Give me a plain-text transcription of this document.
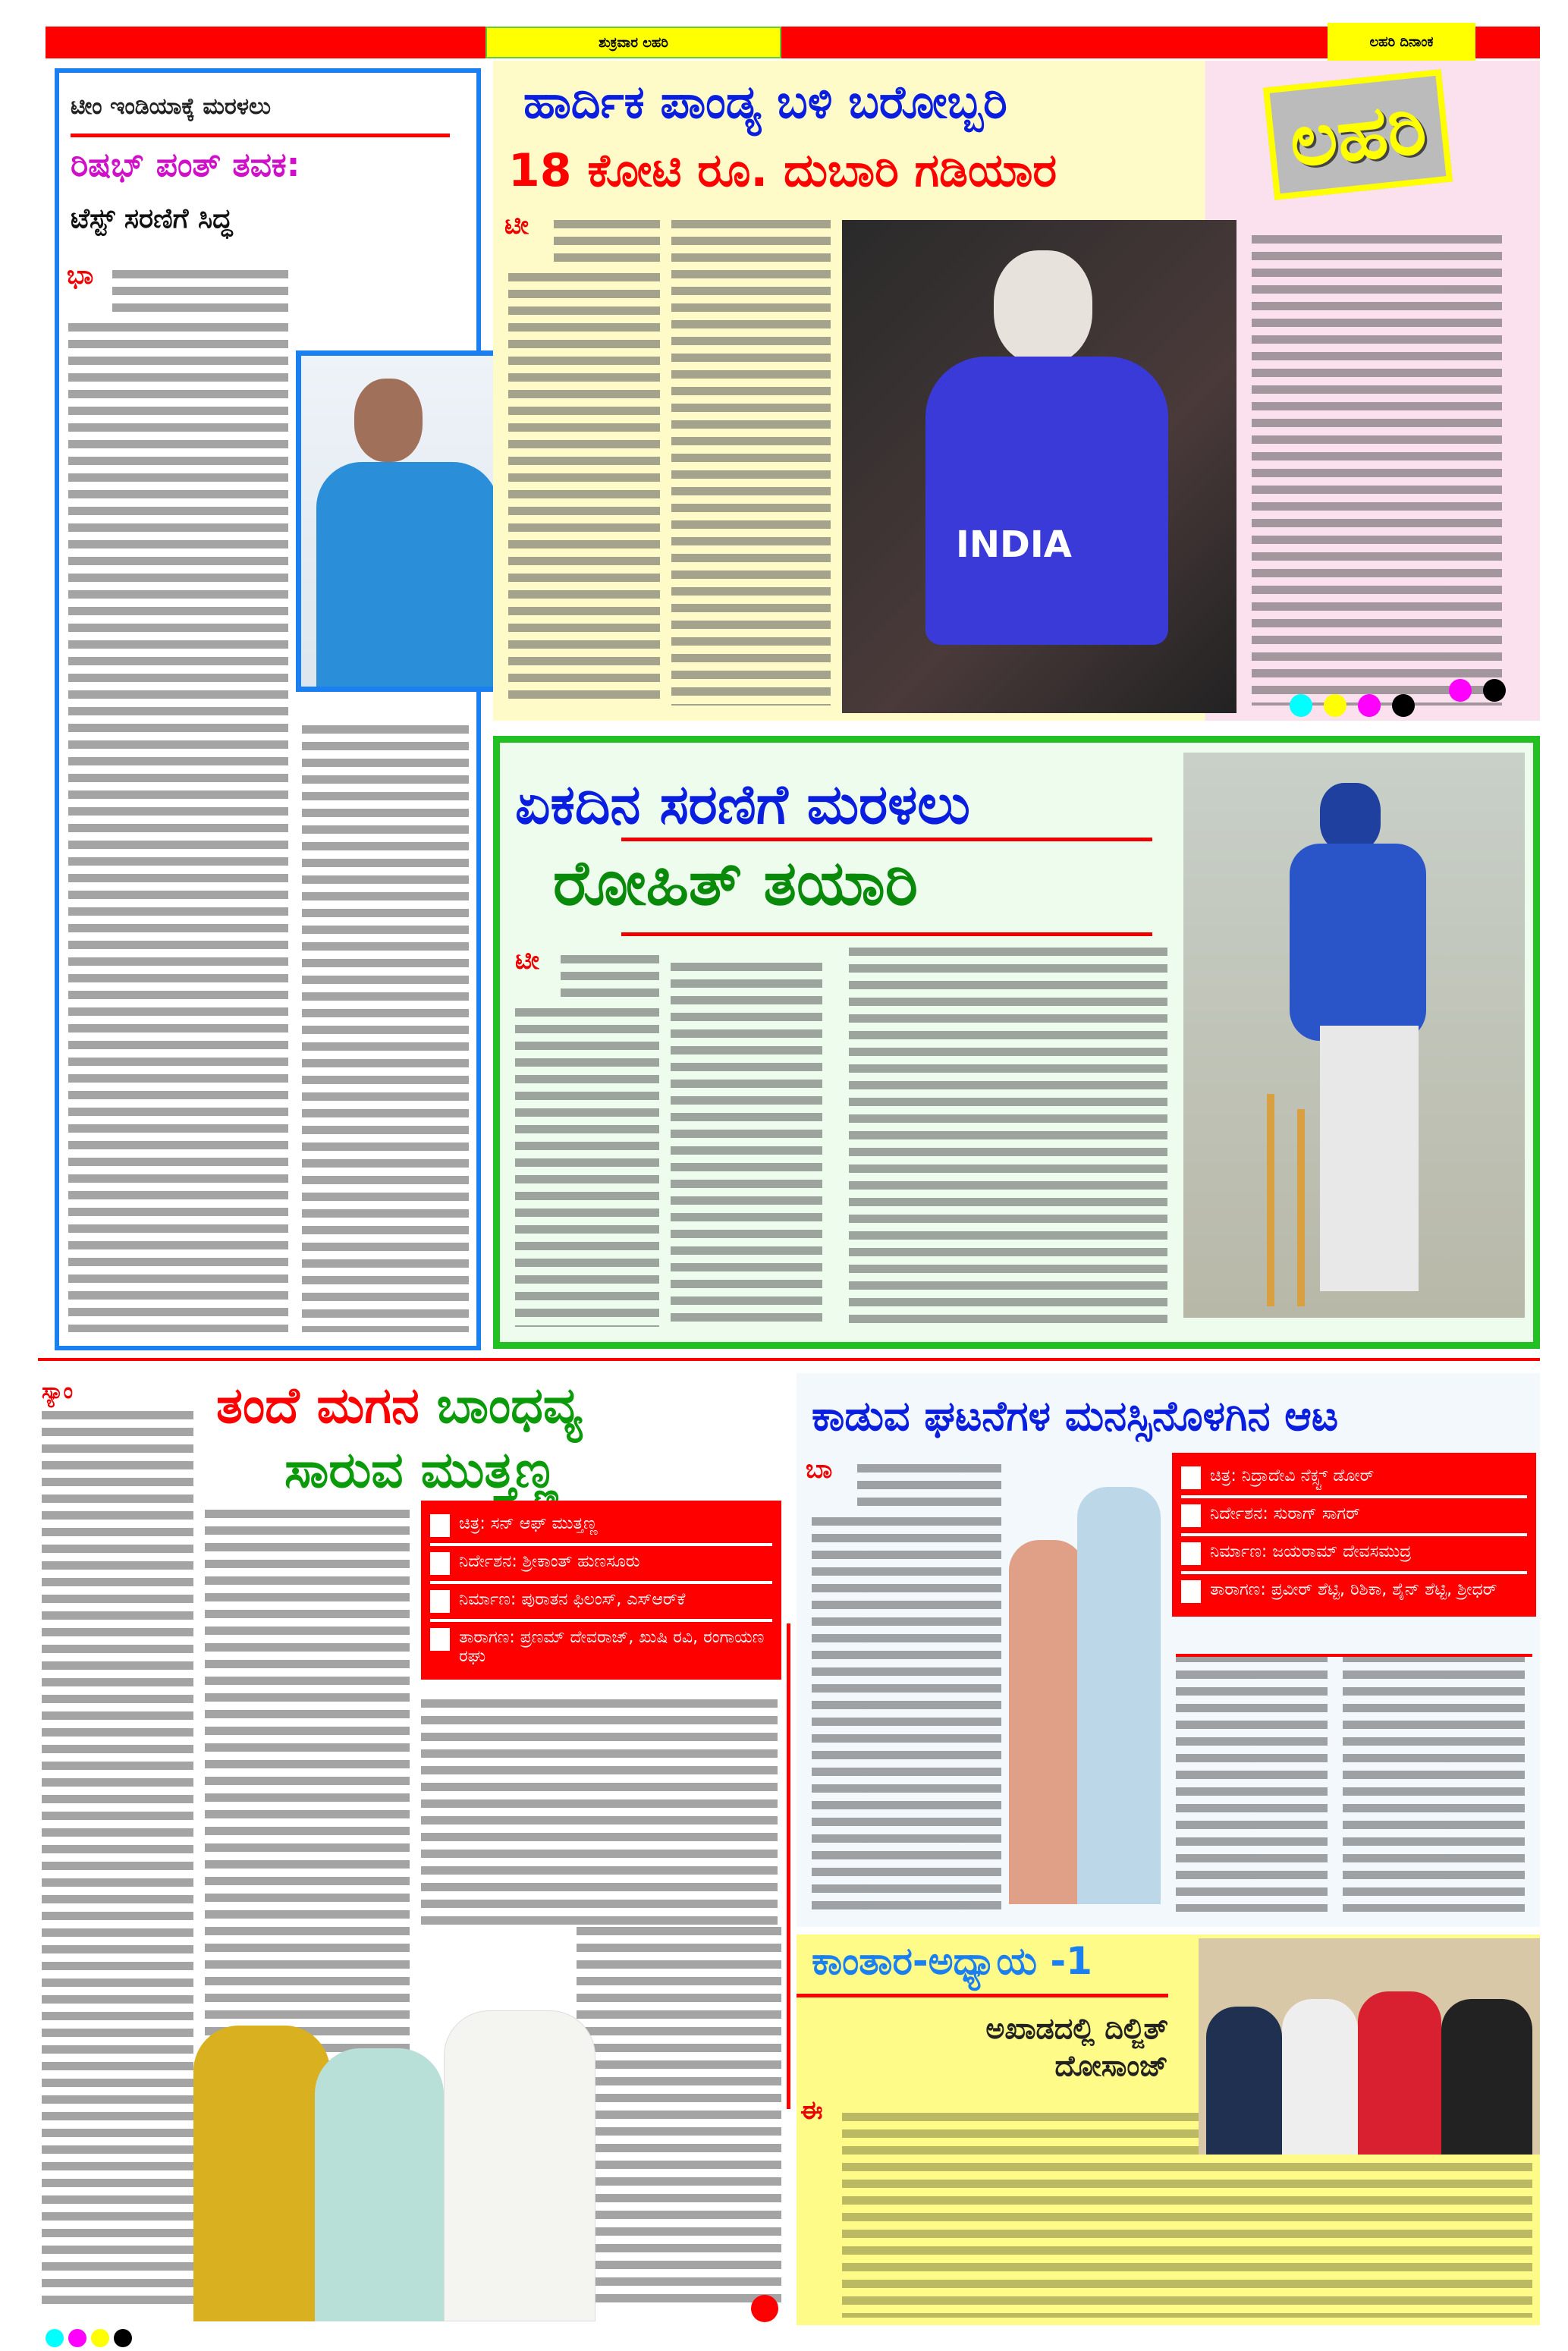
ಶುಕ್ರವಾರ ಲಹರಿ	ಲಹರಿ ದಿನಾಂಕ
ಟೀಂ ಇಂಡಿಯಾಕ್ಕೆ ಮರಳಲು
ರಿಷಭ್ ಪಂತ್ ತವಕ:
ಟೆಸ್ಟ್ ಸರಣಿಗೆ ಸಿದ್ಧ
ಭಾ
ಹಾರ್ದಿಕ ಪಾಂಡ್ಯ ಬಳಿ ಬರೋಬ್ಬರಿ
18 ಕೋಟಿ ರೂ. ದುಬಾರಿ ಗಡಿಯಾರ
ಟೀ
INDIA
ಲಹರಿ
ಏಕದಿನ ಸರಣಿಗೆ ಮರಳಲು
ರೋಹಿತ್ ತಯಾರಿ
ಟೀ
ತಂದೆ ಮಗನ ಬಾಂಧವ್ಯ
ಸಾರುವ ಮುತ್ತಣ್ಣ
ಸ್ಯಾಂ
ಚಿತ್ರ: ಸನ್ ಆಫ್ ಮುತ್ತಣ್ಣ
ನಿರ್ದೇಶನ: ಶ್ರೀಕಾಂತ್ ಹುಣಸೂರು
ನಿರ್ಮಾಣ: ಪುರಾತನ ಫಿಲಂಸ್, ಎಸ್‌ಆರ್‌ಕೆ
ತಾರಾಗಣ: ಪ್ರಣಮ್ ದೇವರಾಜ್, ಖುಷಿ ರವಿ, ರಂಗಾಯಣ ರಘು
ಕಾಡುವ ಘಟನೆಗಳ ಮನಸ್ಸಿನೊಳಗಿನ ಆಟ
ಬಾ	ಚಿತ್ರ: ನಿದ್ರಾದೇವಿ ನೆಕ್ಸ್ಟ್ ಡೋರ್
ನಿರ್ದೇಶನ: ಸುರಾಗ್ ಸಾಗರ್
ನಿರ್ಮಾಣ: ಜಯರಾಮ್ ದೇವಸಮುದ್ರ
ತಾರಾಗಣ: ಪ್ರವೀರ್ ಶೆಟ್ಟಿ, ರಿಶಿಕಾ, ಶೈನ್ ಶೆಟ್ಟಿ, ಶ್ರೀಧರ್
ಕಾಂತಾರ-ಅಧ್ಯಾಯ -1
ಅಖಾಡದಲ್ಲಿ ದಿಲ್ಜಿತ್ ದೋಸಾಂಜ್
ಈ
